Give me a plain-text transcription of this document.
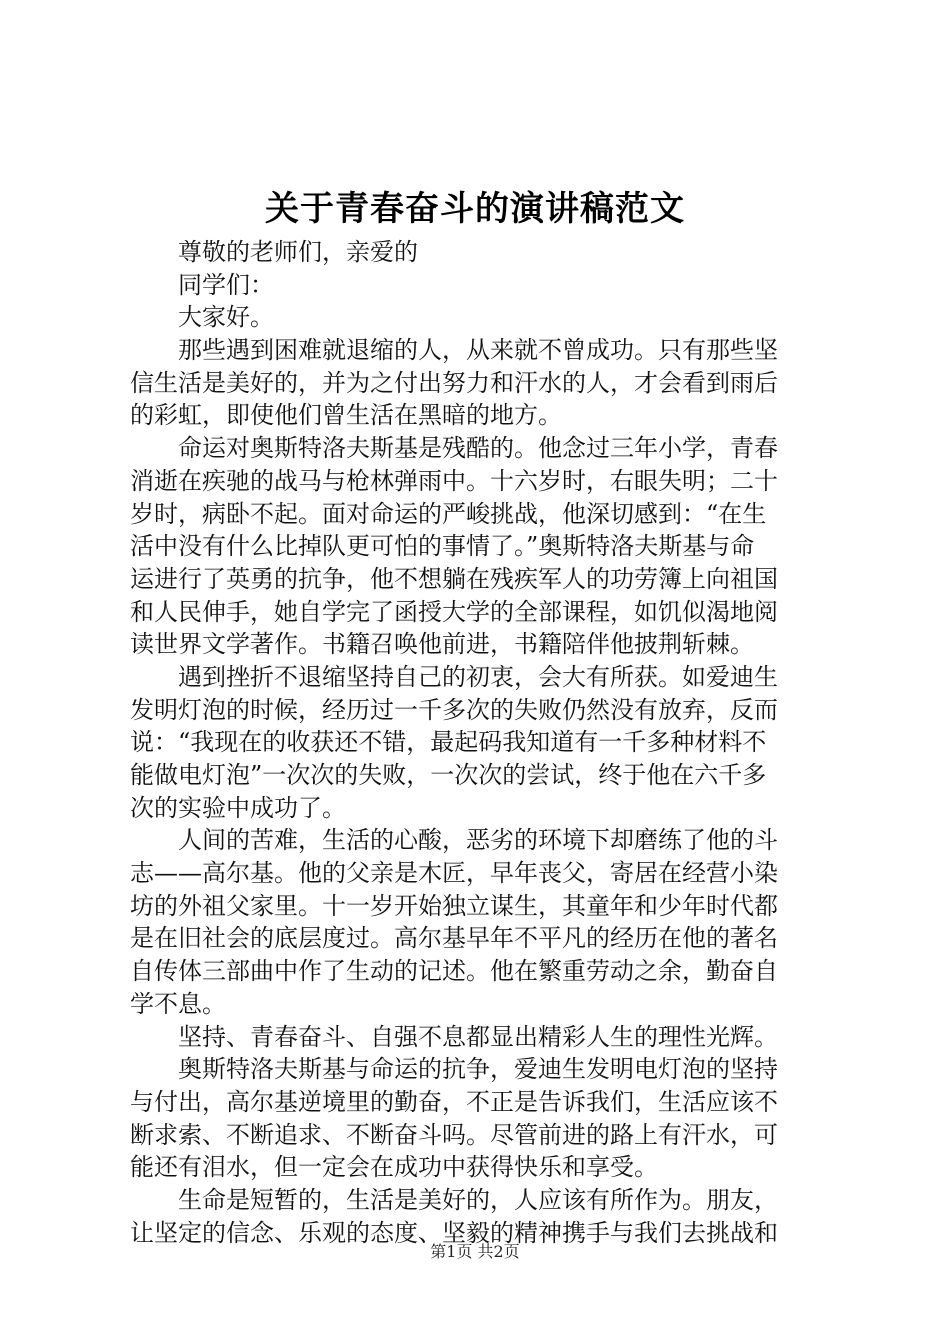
关于青春奋斗的演讲稿范文
尊敬的老师们，亲爱的
同学们：
大家好。
那些遇到困难就退缩的人，从来就不曾成功。只有那些坚
信生活是美好的，并为之付出努力和汗水的人，才会看到雨后
的彩虹，即使他们曾生活在黑暗的地方。
命运对奥斯特洛夫斯基是残酷的。他念过三年小学，青春
消逝在疾驰的战马与枪林弹雨中。十六岁时，右眼失明；二十
岁时，病卧不起。面对命运的严峻挑战，他深切感到：“在生
活中没有什么比掉队更可怕的事情了。”奥斯特洛夫斯基与命
运进行了英勇的抗争，他不想躺在残疾军人的功劳簿上向祖国
和人民伸手，她自学完了函授大学的全部课程，如饥似渴地阅
读世界文学著作。书籍召唤他前进，书籍陪伴他披荆斩棘。
遇到挫折不退缩坚持自己的初衷，会大有所获。如爱迪生
发明灯泡的时候，经历过一千多次的失败仍然没有放弃，反而
说：“我现在的收获还不错，最起码我知道有一千多种材料不
能做电灯泡”一次次的失败，一次次的尝试，终于他在六千多
次的实验中成功了。
人间的苦难，生活的心酸，恶劣的环境下却磨练了他的斗
志——高尔基。他的父亲是木匠，早年丧父，寄居在经营小染
坊的外祖父家里。十一岁开始独立谋生，其童年和少年时代都
是在旧社会的底层度过。高尔基早年不平凡的经历在他的著名
自传体三部曲中作了生动的记述。他在繁重劳动之余，勤奋自
学不息。
坚持、青春奋斗、自强不息都显出精彩人生的理性光辉。
奥斯特洛夫斯基与命运的抗争，爱迪生发明电灯泡的坚持
与付出，高尔基逆境里的勤奋，不正是告诉我们，生活应该不
断求索、不断追求、不断奋斗吗。尽管前进的路上有汗水，可
能还有泪水，但一定会在成功中获得快乐和享受。
生命是短暂的，生活是美好的，人应该有所作为。朋友，
让坚定的信念、乐观的态度、坚毅的精神携手与我们去挑战和
第1页 共2页
